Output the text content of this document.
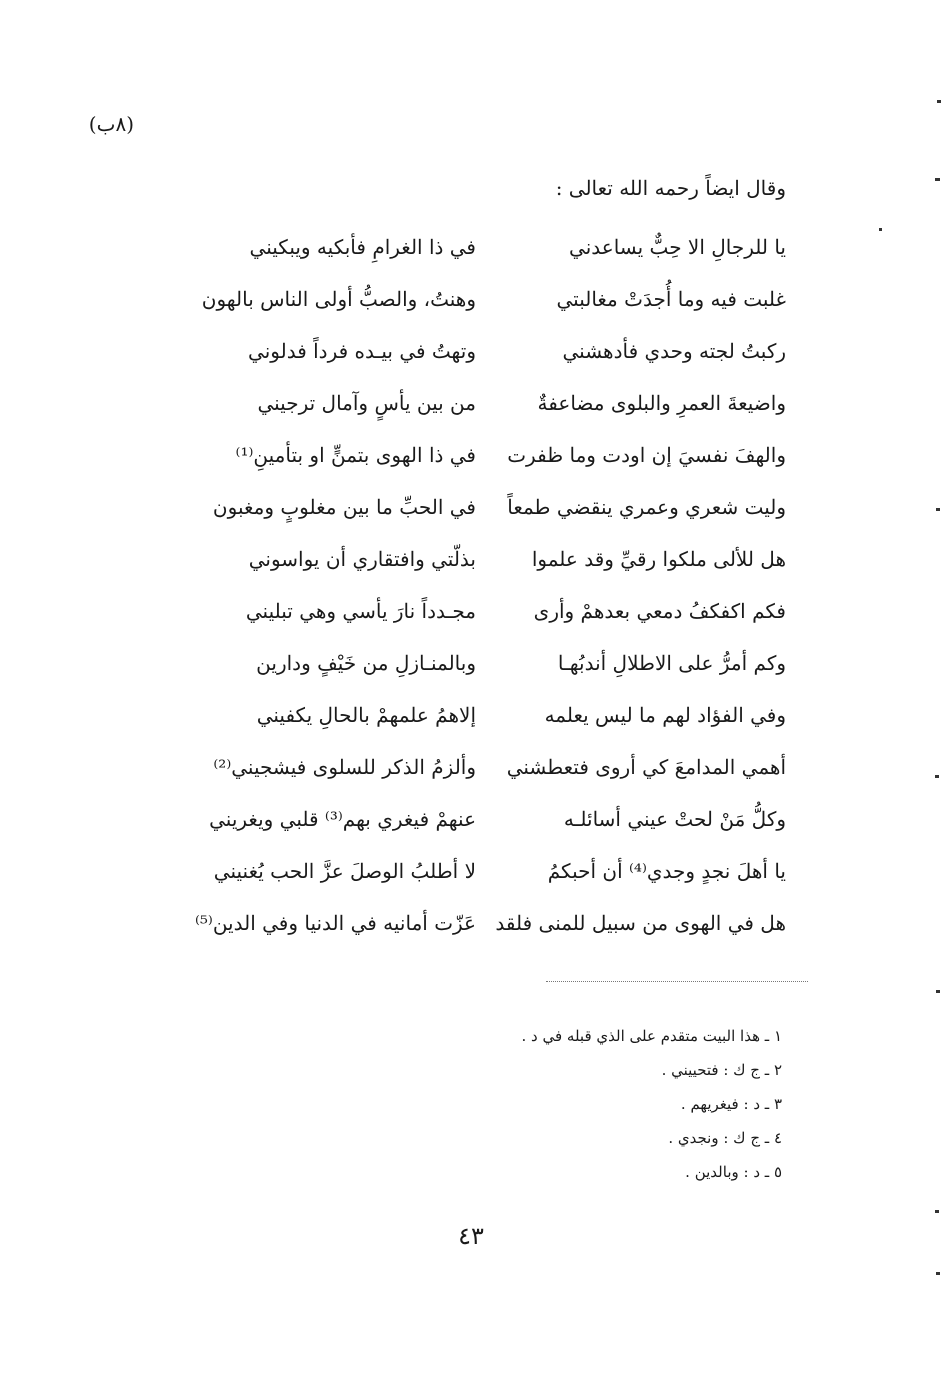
وقال ايضاً رحمه الله تعالى :
(٨ب)
يا للرجالِ الا حِبٌّ يساعدني
في ذا الغرامِ فأبكيه ويبكيني
غلبت فيه وما أُجدَتْ مغالبتي
وهنتُ، والصبُّ أولى الناس بالهون
ركبتُ لجته وحدي فأدهشني
وتهتُ في بيـده فرداً فدلوني
واضيعةَ العمرِ والبلوى مضاعفةٌ
من بين يأسٍ وآمال ترجيني
والهفَ نفسيَ إن اودت وما ظفرت
في ذا الهوى بتمنٍّ او بتأمينِ⁽¹⁾
وليت شعري وعمري ينقضي طمعاً
في الحبِّ ما بين مغلوبٍ ومغبون
هل للألى ملكوا رقيِّ وقد علموا
بذلّتي وافتقاري أن يواسوني
فكم اكفكفُ دمعي بعدهمْ وأرى
مجـدداً نارَ يأسي وهي تبليني
وكم أمرُّ على الاطلالِ أندبُهـا
وبالمنـازلِ من خَيْفٍ ودارين
وفي الفؤاد لهم ما ليس يعلمه
إلاهمُ علمهمْ بالحالِ يكفيني
أهمي المدامعَ كي أروى فتعطشني
وألزمُ الذكر للسلوى فيشجيني⁽²⁾
وكلُّ مَنْ لحتْ عيني أسائلـه
عنهمْ فيغري بهم⁽³⁾ قلبي ويغريني
يا أهلَ نجدٍ وجدي⁽⁴⁾ أن أحبكمُ
لا أطلبُ الوصلَ عزَّ الحب يُغنيني
هل في الهوى من سبيل للمنى فلقد
عَزّت أمانيه في الدنيا وفي الدين⁽⁵⁾
١ ـ هذا البيت متقدم على الذي قبله في د .
٢ ـ ج ك : فتحييني .
٣ ـ د : فيغريهم .
٤ ـ ج ك : ونجدي .
٥ ـ د : وبالدين .
٤٣
